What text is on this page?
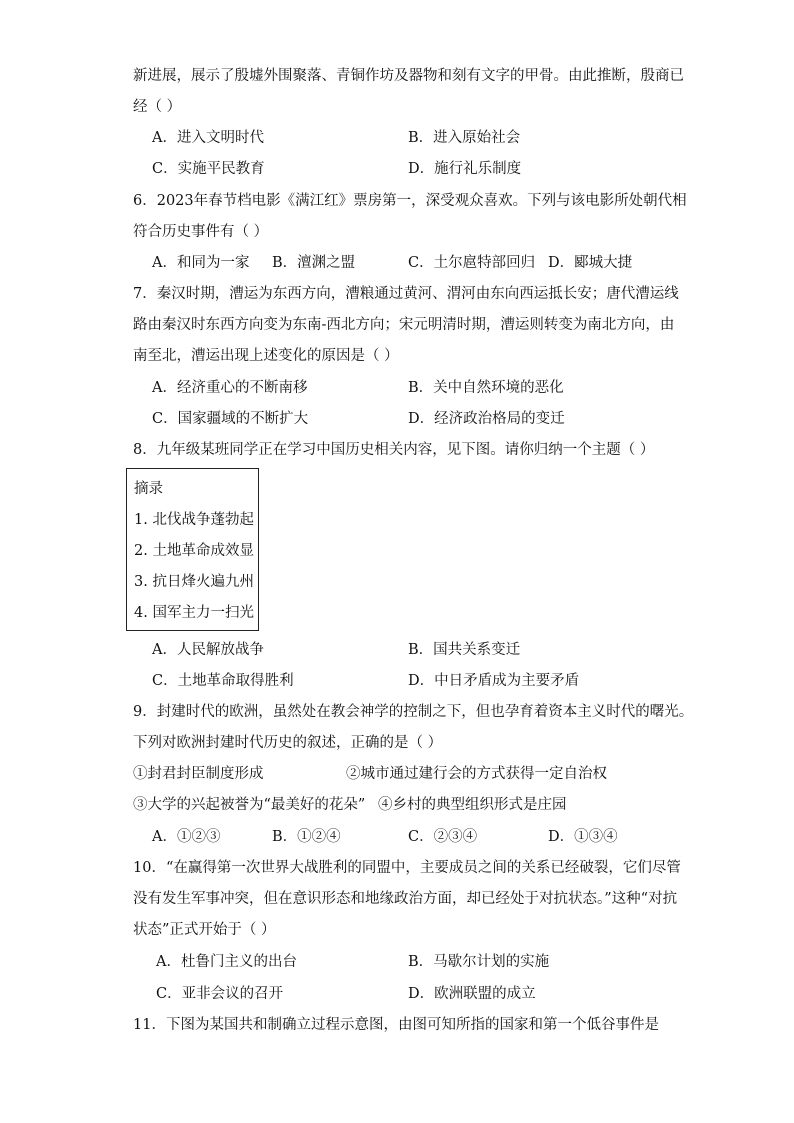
新进展，展示了殷墟外围聚落、青铜作坊及器物和刻有文字的甲骨。由此推断，殷商已
经（ ）
A．进入文明时代	B．进入原始社会
C．实施平民教育	D．施行礼乐制度
6．2023年春节档电影《满江红》票房第一，深受观众喜欢。下列与该电影所处朝代相
符合历史事件有（ ）
A．和同为一家 B．澶渊之盟	C．土尔扈特部回归 D．郾城大捷
7．秦汉时期，漕运为东西方向，漕粮通过黄河、渭河由东向西运抵长安；唐代漕运线
路由秦汉时东西方向变为东南-西北方向；宋元明清时期，漕运则转变为南北方向，由
南至北，漕运出现上述变化的原因是（ ）
A．经济重心的不断南移	B．关中自然环境的恶化
C．国家疆域的不断扩大	D．经济政治格局的变迁
8．九年级某班同学正在学习中国历史相关内容，见下图。请你归纳一个主题（ ）
摘录
1. 北伐战争蓬勃起
2. 土地革命成效显
3. 抗日烽火遍九州
4. 国军主力一扫光
A．人民解放战争	B．国共关系变迁
C．土地革命取得胜利	D．中日矛盾成为主要矛盾
9．封建时代的欧洲，虽然处在教会神学的控制之下，但也孕育着资本主义时代的曙光。
下列对欧洲封建时代历史的叙述，正确的是（ ）
①封君封臣制度形成	②城市通过建行会的方式获得一定自治权
③大学的兴起被誉为“最美好的花朵” ④乡村的典型组织形式是庄园
A．①②③	B．①②④	C．②③④	D．①③④
10．“在赢得第一次世界大战胜利的同盟中，主要成员之间的关系已经破裂，它们尽管
没有发生军事冲突，但在意识形态和地缘政治方面，却已经处于对抗状态。”这种“对抗
状态”正式开始于（ ）
A．杜鲁门主义的出台	B．马歇尔计划的实施
C．亚非会议的召开	D．欧洲联盟的成立
11．下图为某国共和制确立过程示意图，由图可知所指的国家和第一个低谷事件是
